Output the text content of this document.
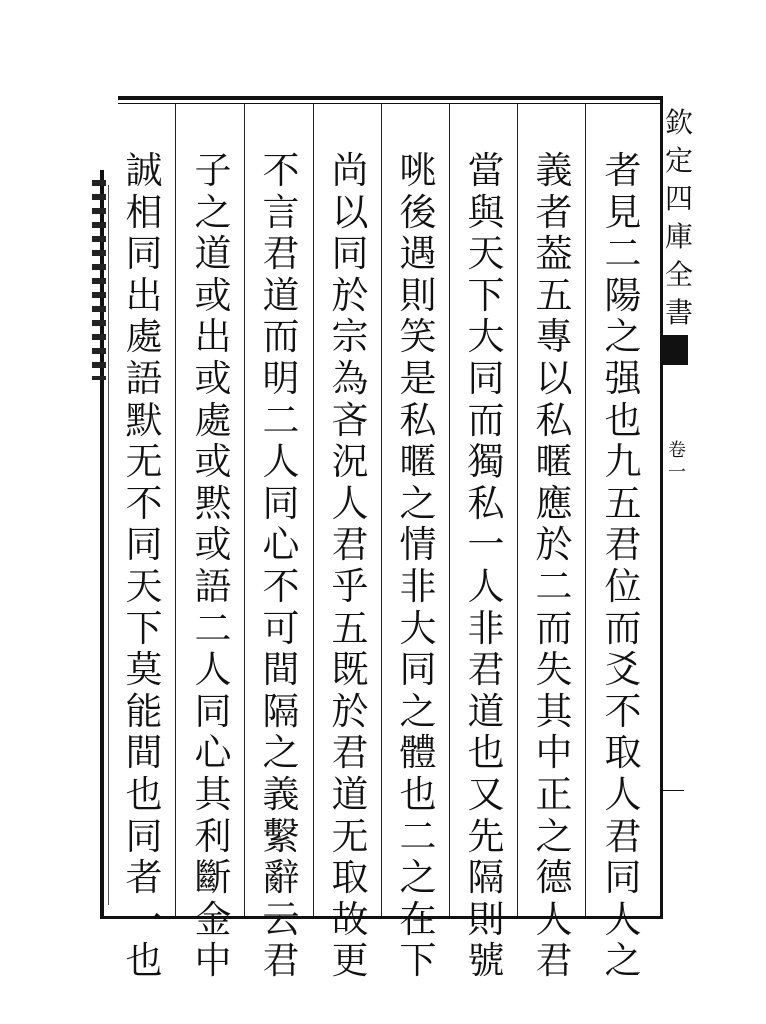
欽
定
四
庫
全
書
卷
一
者
見
二
陽
之
强
也
九
五
君
位
而
爻
不
取
人
君
同
人
之
義
者
葢
五
專
以
私
暱
應
於
二
而
失
其
中
正
之
德
人
君
當
與
天
下
大
同
而
獨
私
一
人
非
君
道
也
又
先
隔
則
號
咷
後
遇
則
笑
是
私
暱
之
情
非
大
同
之
體
也
二
之
在
下
尚
以
同
於
宗
為
吝
況
人
君
乎
五
既
於
君
道
无
取
故
更
不
言
君
道
而
明
二
人
同
心
不
可
間
隔
之
義
繫
辭
云
君
子
之
道
或
出
或
處
或
黙
或
語
二
人
同
心
其
利
斷
金
中
誠
相
同
出
處
語
默
无
不
同
天
下
莫
能
間
也
同
者
一
也
